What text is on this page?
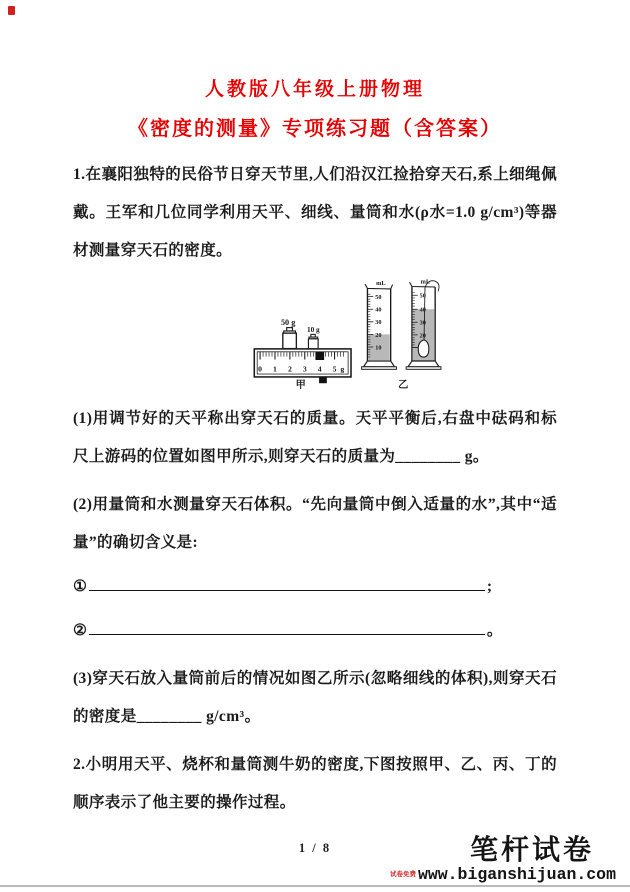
人教版八年级上册物理
《密度的测量》专项练习题（含答案）

1.在襄阳独特的民俗节日穿天节里,人们沿汉江捡拾穿天石,系上细绳佩戴。王军和几位同学利用天平、细线、量筒和水(ρ水=1.0 g/cm³)等器材测量穿天石的密度。

50 g
10 g
0 1 2 3 4 5 g
甲
mL
50
40
30
20
10
mL
50
40
30
20
乙

(1)用调节好的天平称出穿天石的质量。天平平衡后,右盘中砝码和标尺上游码的位置如图甲所示,则穿天石的质量为________ g。

(2)用量筒和水测量穿天石体积。“先向量筒中倒入适量的水”,其中“适量”的确切含义是:

①	;
②	。

(3)穿天石放入量筒前后的情况如图乙所示(忽略细线的体积),则穿天石的密度是________ g/cm³。

2.小明用天平、烧杯和量筒测牛奶的密度,下图按照甲、乙、丙、丁的顺序表示了他主要的操作过程。

1 / 8	笔杆试卷
试卷免费 www.biganshijuan.com
